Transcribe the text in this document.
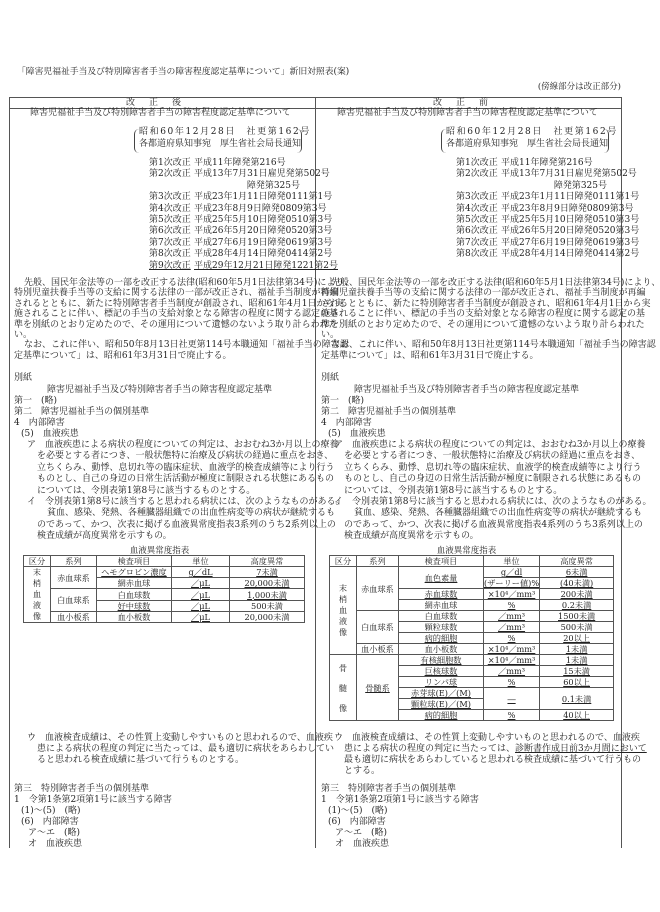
「障害児福祉手当及び特別障害者手当の障害程度認定基準について」新旧対照表(案)
(傍線部分は改正部分)
改正後
障害児福祉手当及び特別障害者手当の障害程度認定基準について
昭和60年12月28日　社更第162号
各都道府県知事宛　厚生省社会局長通知
第1次改正 平成11年障発第216号
第2次改正 平成13年7月31日雇児発第502号
障発第325号
第3次改正 平成23年1月11日障発0111第1号
第4次改正 平成23年8月9日障発0809第3号
第5次改正 平成25年5月10日障発0510第3号
第6次改正 平成26年5月20日障発0520第3号
第7次改正 平成27年6月19日障発0619第3号
第8次改正 平成28年4月14日障発0414第2号
第9次改正 平成29年12月21日障発1221第2号
先般、国民年金法等の一部を改正する法律(昭和60年5月1日法律第34号)により、
特別児童扶養手当等の支給に関する法律の一部が改正され、福祉手当制度が再編
されるとともに、新たに特別障害者手当制度が創設され、昭和61年4月1日から実
施されることに伴い、標記の手当の支給対象となる障害の程度に関する認定の基
準を別紙のとおり定めたので、その運用について遺憾のないよう取り計らわれた
い。
なお、これに伴い、昭和50年8月13日社更第114号本職通知「福祉手当の障害認
定基準について」は、昭和61年3月31日で廃止する。
別紙
障害児福祉手当及び特別障害者手当の障害程度認定基準
第一　(略)
第二　障害児福祉手当の個別基準
4　内部障害
(5)　血液疾患
ア　血液疾患による病状の程度についての判定は、おおむね3か月以上の療養
を必要とする者につき、一般状態特に治療及び病状の経過に重点をおき、
立ちくらみ、動悸、息切れ等の臨床症状、血液学的検査成績等により行う
ものとし、自己の身辺の日常生活活動が極度に制限される状態にあるもの
については、令別表第1第8号に該当するものとする。
イ　令別表第1第8号に該当すると思われる病状には、次のようなものがある。
貧血、感染、発熱、各種臓器組織での出血性病変等の病状が継続するも
のであって、かつ、次表に掲げる血液異常度指表3系列のうち2系列以上の
検査成績が高度異常を示すもの。
血液異常度指表
区分	系列	検査項目	単位	高度異常

末梢血液像	赤血球系	ヘモグロビン濃度	g／dL	7未満
		網赤血球	／μL	20,000未満
	白血球系	白血球数	／μL	1,000未満
		好中球数	／μL	500未満
	血小板系	血小板数	／μL	20,000未満
ウ　血液検査成績は、その性質上変動しやすいものと思われるので、血液疾
患による病状の程度の判定に当たっては、最も適切に病状をあらわしてい
ると思われる検査成績に基づいて行うものとする。
第三　特別障害者手当の個別基準
1　令第1条第2項第1号に該当する障害
(1)～(5)　(略)
(6)　内部障害
ア～エ　(略)
オ　血液疾患
改正前
障害児福祉手当及び特別障害者手当の障害程度認定基準について
昭和60年12月28日　社更第162号
各都道府県知事宛　厚生省社会局長通知
第1次改正 平成11年障発第216号
第2次改正 平成13年7月31日雇児発第502号
障発第325号
第3次改正 平成23年1月11日障発0111第1号
第4次改正 平成23年8月9日障発0809第3号
第5次改正 平成25年5月10日障発0510第3号
第6次改正 平成26年5月20日障発0520第3号
第7次改正 平成27年6月19日障発0619第3号
第8次改正 平成28年4月14日障発0414第2号
先般、国民年金法等の一部を改正する法律(昭和60年5月1日法律第34号)により、
特別児童扶養手当等の支給に関する法律の一部が改正され、福祉手当制度が再編
されるとともに、新たに特別障害者手当制度が創設され、昭和61年4月1日から実
施されることに伴い、標記の手当の支給対象となる障害の程度に関する認定の基
準を別紙のとおり定めたので、その運用について遺憾のないよう取り計らわれた
い。
なお、これに伴い、昭和50年8月13日社更第114号本職通知「福祉手当の障害認
定基準について」は、昭和61年3月31日で廃止する。
別紙
障害児福祉手当及び特別障害者手当の障害程度認定基準
第一　(略)
第二　障害児福祉手当の個別基準
4　内部障害
(5)　血液疾患
ア　血液疾患による病状の程度についての判定は、おおむね3か月以上の療養
を必要とする者につき、一般状態特に治療及び病状の経過に重点をおき、
立ちくらみ、動悸、息切れ等の臨床症状、血液学的検査成績等により行う
ものとし、自己の身辺の日常生活活動が極度に制限される状態にあるもの
については、令別表第1第8号に該当するものとする。
イ　令別表第1第8号に該当すると思われる病状には、次のようなものがある。
貧血、感染、発熱、各種臓器組織での出血性病変等の病状が継続するも
のであって、かつ、次表に掲げる血液異常度指表4系列のうち3系列以上の
検査成績が高度異常を示すもの。
血液異常度指表
区分	系列	検査項目	単位	高度異常

末梢血液像	赤血球系	血色素量	g／dl	6未満
			(ザーリー値)%	(40未満)
		赤血球数	×10⁴／mm³	200未満
		網赤血球	%	0.2未満
	白血球系	白血球数	／mm³	1500未満
		顆粒球数	／mm³	500未満
		病的細胞	%	20以上
	血小板系	血小板数	×10⁴／mm³	1未満

骨髄像	骨髄系	有核細胞数	×10⁴／mm³	1未満
		巨核球数	／mm³	15未満
		リンパ球	%	60以上
		赤芽球(E)／(M)	―	0.1未満
		顆粒球(E)／(M)		
		病的細胞	%	40以上
ウ　血液検査成績は、その性質上変動しやすいものと思われるので、血液疾
患による病状の程度の判定に当たっては、診断書作成日前3か月間において
最も適切に病状をあらわしていると思われる検査成績に基づいて行うもの
とする。
第三　特別障害者手当の個別基準
1　令第1条第2項第1号に該当する障害
(1)～(5)　(略)
(6)　内部障害
ア～エ　(略)
オ　血液疾患
